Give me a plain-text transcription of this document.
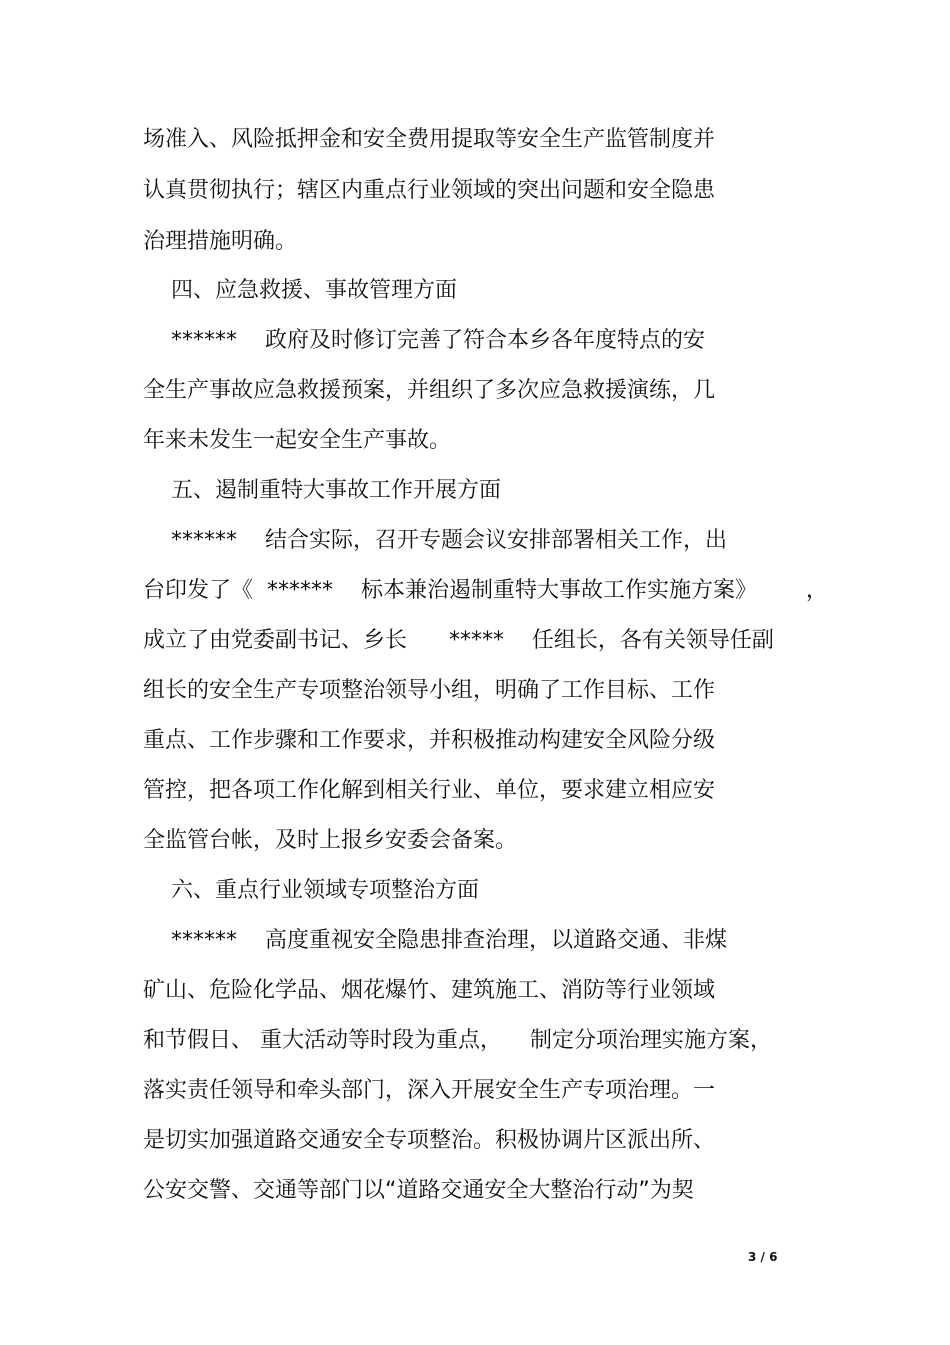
场准入、风险抵押金和安全费用提取等安全生产监管制度并
认真贯彻执行；辖区内重点行业领域的突出问题和安全隐患
治理措施明确。
四、应急救援、事故管理方面
******    政府及时修订完善了符合本乡各年度特点的安
全生产事故应急救援预案，并组织了多次应急救援演练，几
年来未发生一起安全生产事故。
五、遏制重特大事故工作开展方面
******    结合实际，召开专题会议安排部署相关工作，出
台印发了《  ******    标本兼治遏制重特大事故工作实施方案》       ，
成立了由党委副书记、乡长      *****    任组长，各有关领导任副
组长的安全生产专项整治领导小组，明确了工作目标、工作
重点、工作步骤和工作要求，并积极推动构建安全风险分级
管控，把各项工作化解到相关行业、单位，要求建立相应安
全监管台帐，及时上报乡安委会备案。
六、重点行业领域专项整治方面
******    高度重视安全隐患排查治理，以道路交通、非煤
矿山、危险化学品、烟花爆竹、建筑施工、消防等行业领域
和节假日、 重大活动等时段为重点，    制定分项治理实施方案，
落实责任领导和牵头部门，深入开展安全生产专项治理。一
是切实加强道路交通安全专项整治。积极协调片区派出所、
公安交警、交通等部门以“道路交通安全大整治行动”为契
3 / 6
